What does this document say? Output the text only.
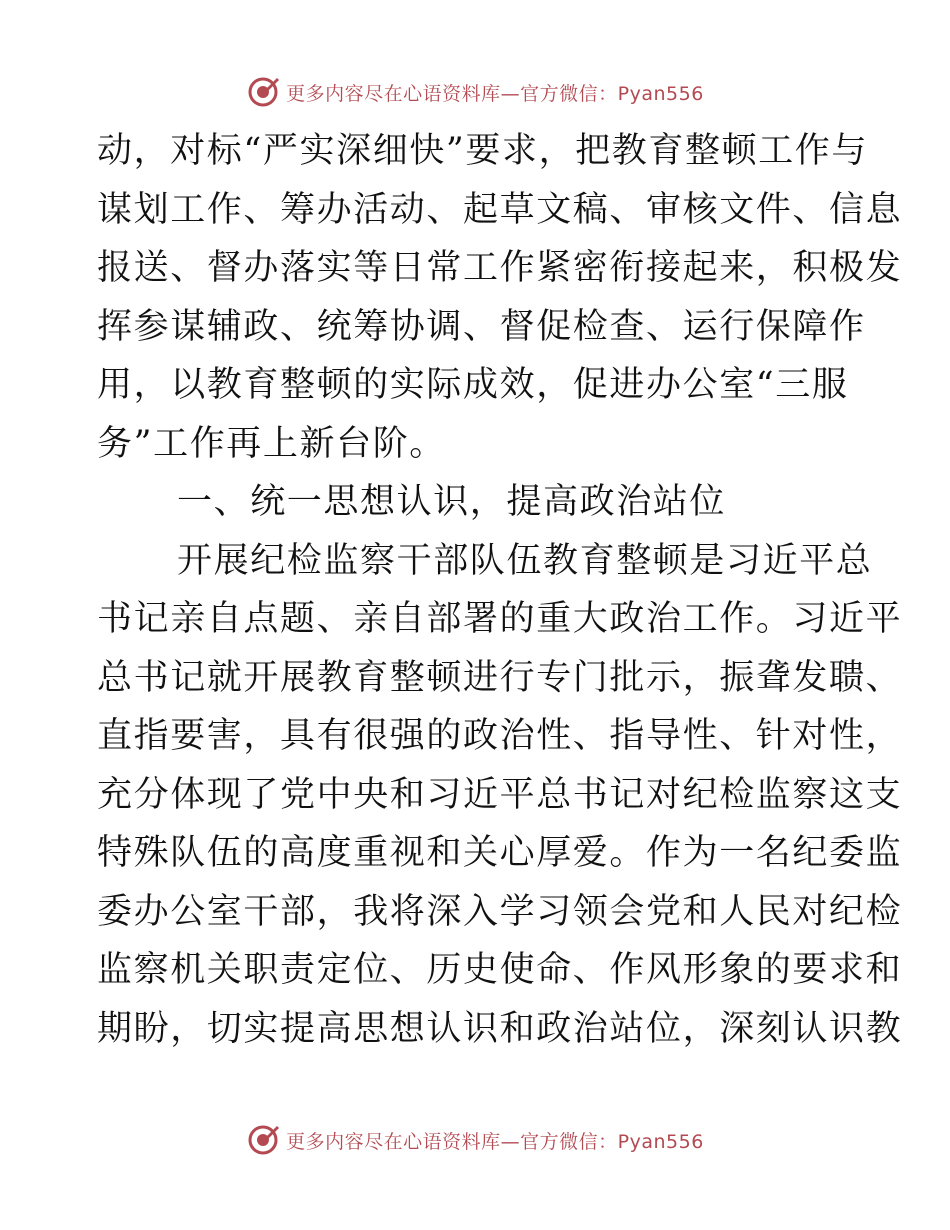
更多内容尽在心语资料库—官方微信：Pyan556
动，对标“严实深细快”要求，把教育整顿工作与
谋划工作、筹办活动、起草文稿、审核文件、信息
报送、督办落实等日常工作紧密衔接起来，积极发
挥参谋辅政、统筹协调、督促检查、运行保障作
用，以教育整顿的实际成效，促进办公室“三服
务”工作再上新台阶。
一、统一思想认识，提高政治站位
开展纪检监察干部队伍教育整顿是习近平总
书记亲自点题、亲自部署的重大政治工作。习近平
总书记就开展教育整顿进行专门批示，振聋发聩、
直指要害，具有很强的政治性、指导性、针对性，
充分体现了党中央和习近平总书记对纪检监察这支
特殊队伍的高度重视和关心厚爱。作为一名纪委监
委办公室干部，我将深入学习领会党和人民对纪检
监察机关职责定位、历史使命、作风形象的要求和
期盼，切实提高思想认识和政治站位，深刻认识教
更多内容尽在心语资料库—官方微信：Pyan556
